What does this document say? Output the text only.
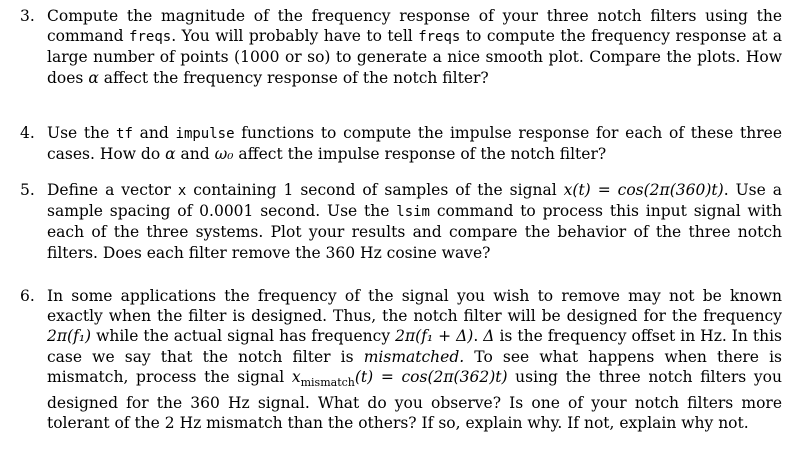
3. Compute the magnitude of the frequency response of your three notch filters using the command freqs. You will probably have to tell freqs to compute the frequency response at a large number of points (1000 or so) to generate a nice smooth plot. Compare the plots. How does α affect the frequency response of the notch filter?
4. Use the tf and impulse functions to compute the impulse response for each of these three cases. How do α and ω₀ affect the impulse response of the notch filter?
5. Define a vector x containing 1 second of samples of the signal x(t) = cos(2π(360)t). Use a sample spacing of 0.0001 second. Use the lsim command to process this input signal with each of the three systems. Plot your results and compare the behavior of the three notch filters. Does each filter remove the 360 Hz cosine wave?
6. In some applications the frequency of the signal you wish to remove may not be known exactly when the filter is designed. Thus, the notch filter will be designed for the frequency 2π(f₁) while the actual signal has frequency 2π(f₁ + Δ). Δ is the frequency offset in Hz. In this case we say that the notch filter is mismatched. To see what happens when there is mismatch, process the signal $x_{mismatch}(t) = \cos(2\pi(362)t)$ using the three notch filters you designed for the 360 Hz signal. What do you observe? Is one of your notch filters more tolerant of the 2 Hz mismatch than the others? If so, explain why. If not, explain why not.
